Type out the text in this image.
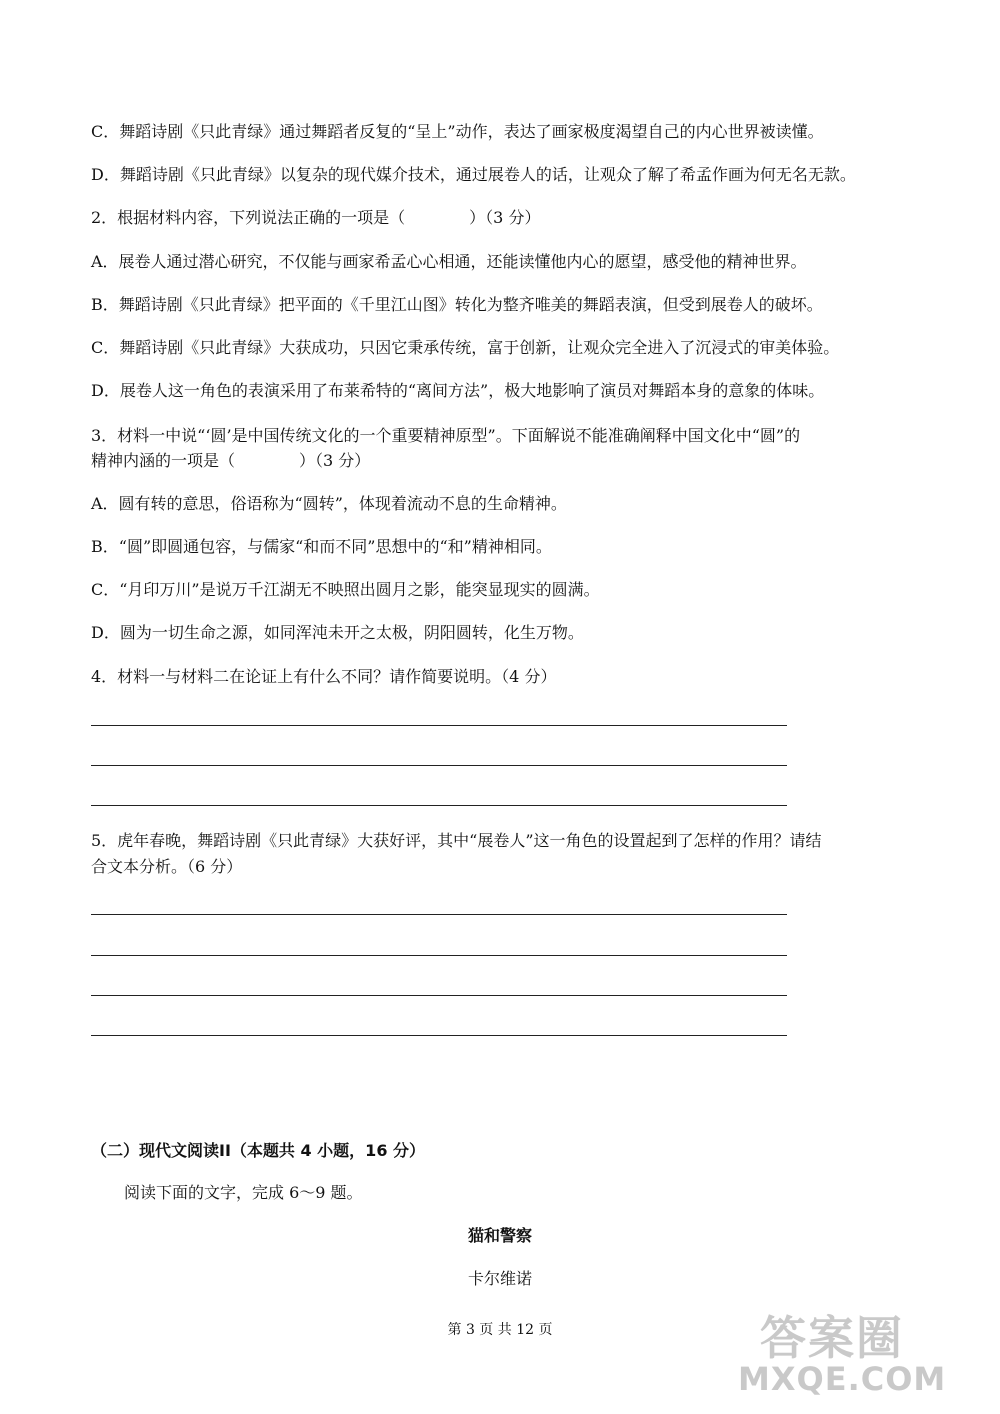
C．舞蹈诗剧《只此青绿》通过舞蹈者反复的“呈上”动作，表达了画家极度渴望自己的内心世界被读懂。
D．舞蹈诗剧《只此青绿》以复杂的现代媒介技术，通过展卷人的话，让观众了解了希孟作画为何无名无款。
2．根据材料内容，下列说法正确的一项是（　　　　）（3 分）
A．展卷人通过潜心研究，不仅能与画家希孟心心相通，还能读懂他内心的愿望，感受他的精神世界。
B．舞蹈诗剧《只此青绿》把平面的《千里江山图》转化为整齐唯美的舞蹈表演，但受到展卷人的破坏。
C．舞蹈诗剧《只此青绿》大获成功，只因它秉承传统，富于创新，让观众完全进入了沉浸式的审美体验。
D．展卷人这一角色的表演采用了布莱希特的“离间方法”，极大地影响了演员对舞蹈本身的意象的体味。
3．材料一中说“‘圆’是中国传统文化的一个重要精神原型”。下面解说不能准确阐释中国文化中“圆”的
精神内涵的一项是（　　　　）（3 分）
A．圆有转的意思，俗语称为“圆转”，体现着流动不息的生命精神。
B．“圆”即圆通包容，与儒家“和而不同”思想中的“和”精神相同。
C．“月印万川”是说万千江湖无不映照出圆月之影，能突显现实的圆满。
D．圆为一切生命之源，如同浑沌未开之太极，阴阳圆转，化生万物。
4．材料一与材料二在论证上有什么不同？请作简要说明。（4 分）
5．虎年春晚，舞蹈诗剧《只此青绿》大获好评，其中“展卷人”这一角色的设置起到了怎样的作用？请结
合文本分析。（6 分）
（二）现代文阅读II（本题共 4 小题，16 分）
阅读下面的文字，完成 6～9 题。
猫和警察
卡尔维诺
第 3 页 共 12 页	答案圈
MXQE.COM
